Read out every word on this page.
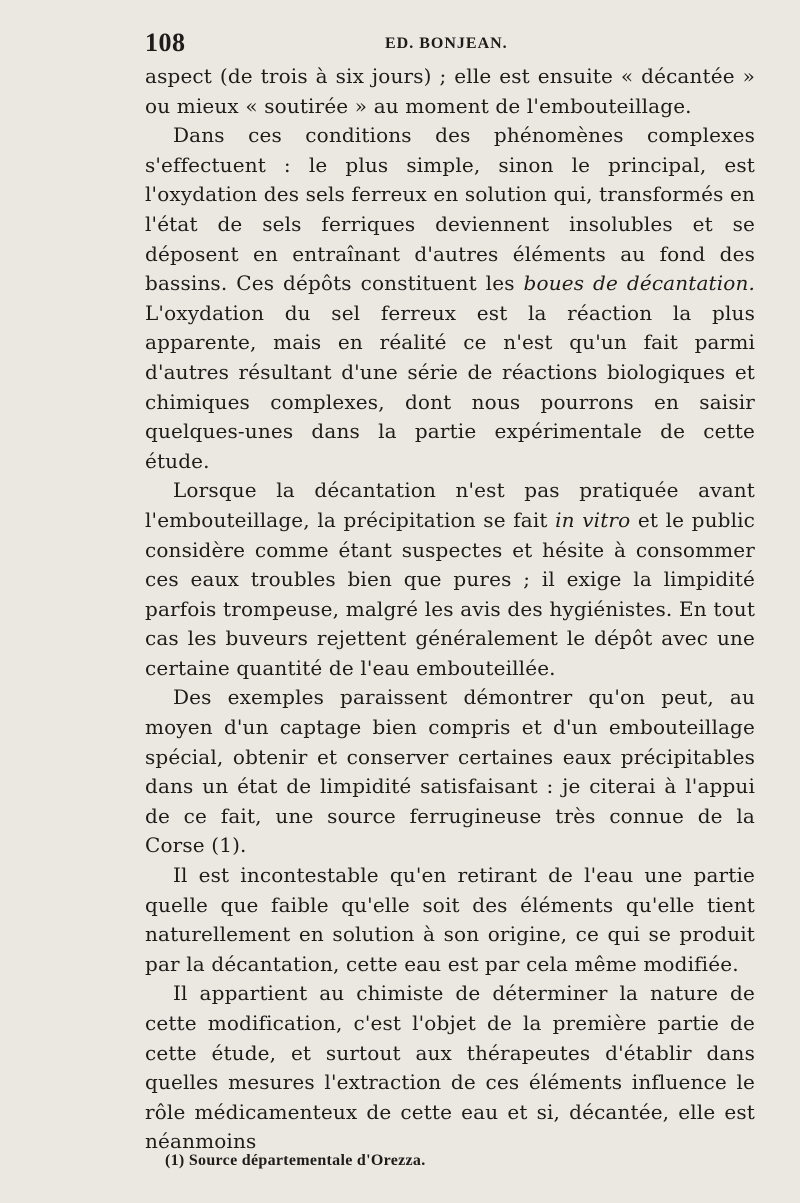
108	ED. BONJEAN.

aspect (de trois à six jours) ; elle est ensuite « décantée » ou mieux « soutirée » au moment de l'embouteillage.

Dans ces conditions des phénomènes complexes s'effectuent : le plus simple, sinon le principal, est l'oxydation des sels ferreux en solution qui, transformés en l'état de sels ferriques deviennent insolubles et se déposent en entraînant d'autres éléments au fond des bassins. Ces dépôts constituent les boues de décantation. L'oxydation du sel ferreux est la réaction la plus apparente, mais en réalité ce n'est qu'un fait parmi d'autres résultant d'une série de réactions biologiques et chimiques complexes, dont nous pourrons en saisir quelques-unes dans la partie expérimentale de cette étude.

Lorsque la décantation n'est pas pratiquée avant l'embouteillage, la précipitation se fait in vitro et le public considère comme étant suspectes et hésite à consommer ces eaux troubles bien que pures ; il exige la limpidité parfois trompeuse, malgré les avis des hygiénistes. En tout cas les buveurs rejettent généralement le dépôt avec une certaine quantité de l'eau embouteillée.

Des exemples paraissent démontrer qu'on peut, au moyen d'un captage bien compris et d'un embouteillage spécial, obtenir et conserver certaines eaux précipitables dans un état de limpidité satisfaisant : je citerai à l'appui de ce fait, une source ferrugineuse très connue de la Corse (1).

Il est incontestable qu'en retirant de l'eau une partie quelle que faible qu'elle soit des éléments qu'elle tient naturellement en solution à son origine, ce qui se produit par la décantation, cette eau est par cela même modifiée.

Il appartient au chimiste de déterminer la nature de cette modification, c'est l'objet de la première partie de cette étude, et surtout aux thérapeutes d'établir dans quelles mesures l'extraction de ces éléments influence le rôle médicamenteux de cette eau et si, décantée, elle est néanmoins

(1) Source départementale d'Orezza.
